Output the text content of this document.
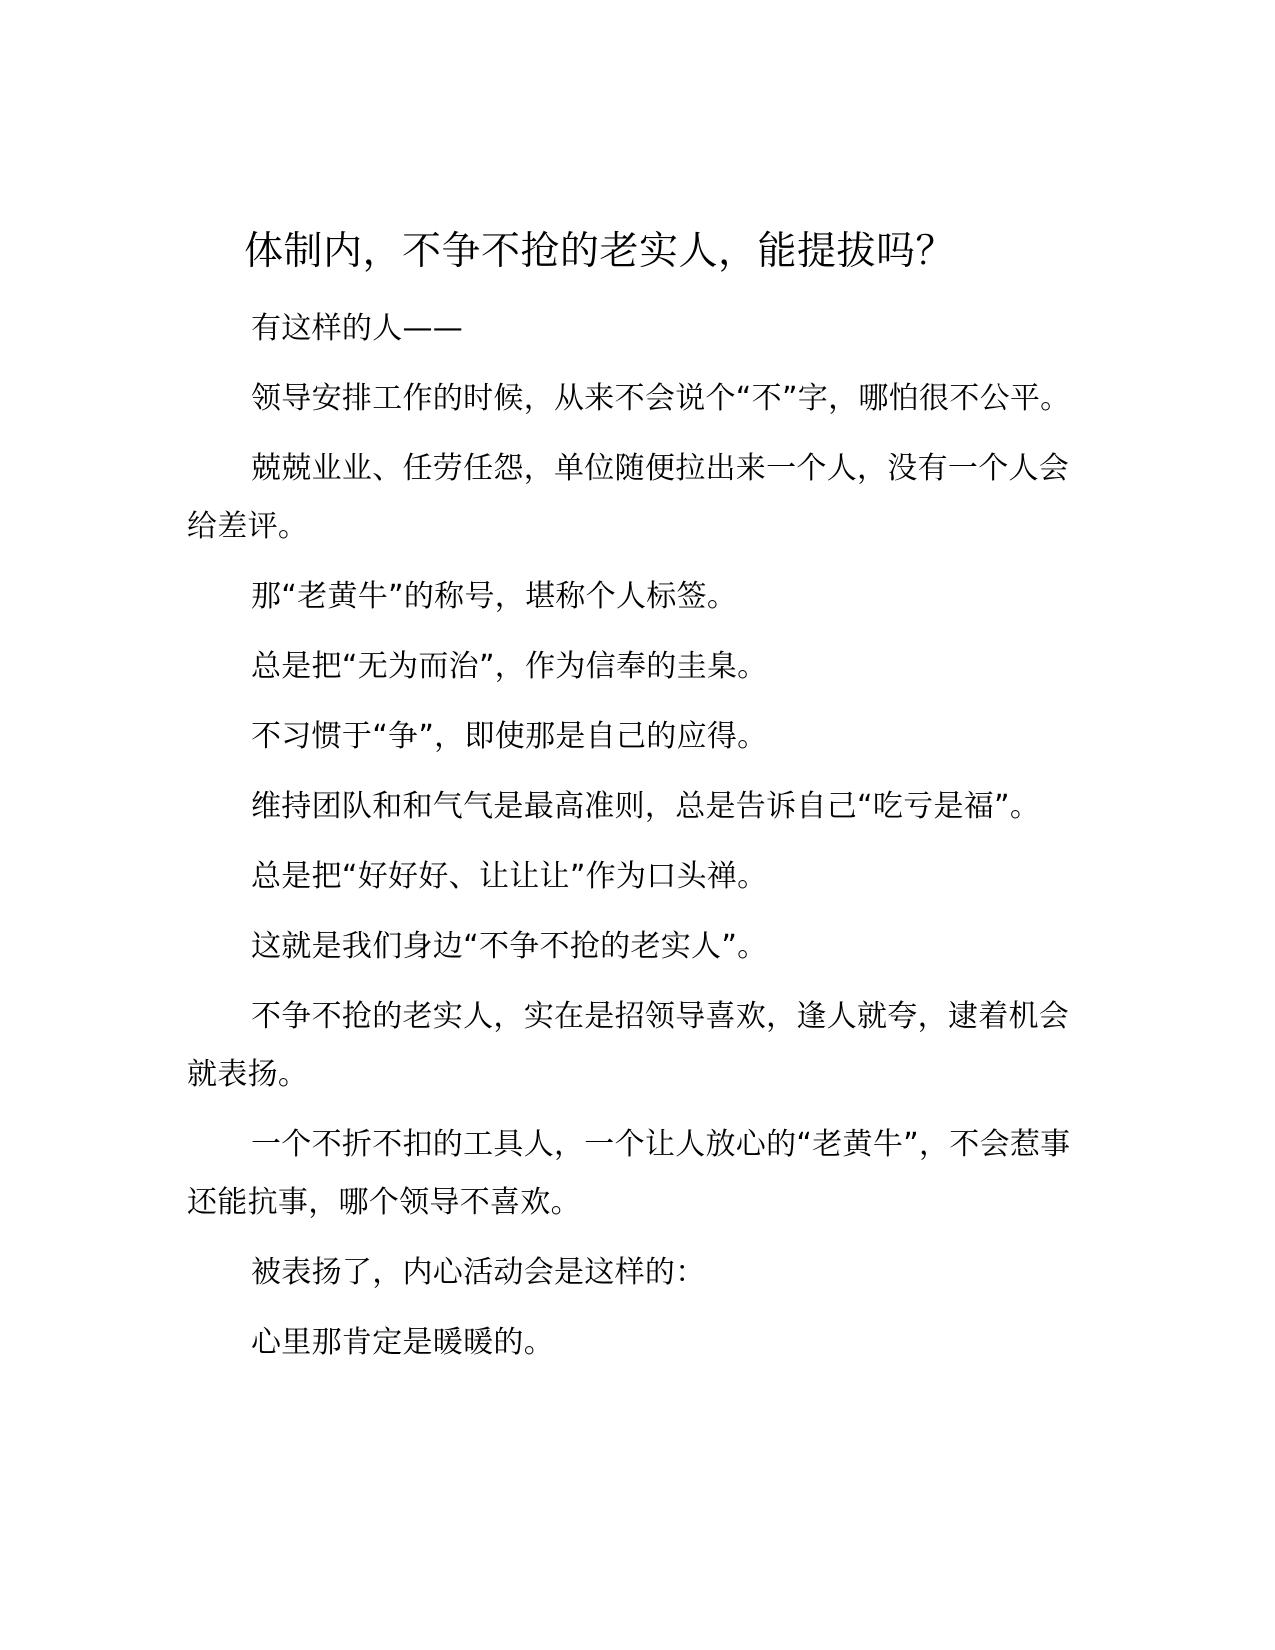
体制内，不争不抢的老实人，能提拔吗？

有这样的人——

领导安排工作的时候，从来不会说个“不”字，哪怕很不公平。

兢兢业业、任劳任怨，单位随便拉出来一个人，没有一个人会给差评。

那“老黄牛”的称号，堪称个人标签。

总是把“无为而治”，作为信奉的圭臬。

不习惯于“争”，即使那是自己的应得。

维持团队和和气气是最高准则，总是告诉自己“吃亏是福”。

总是把“好好好、让让让”作为口头禅。

这就是我们身边“不争不抢的老实人”。

不争不抢的老实人，实在是招领导喜欢，逢人就夸，逮着机会就表扬。

一个不折不扣的工具人，一个让人放心的“老黄牛”，不会惹事还能抗事，哪个领导不喜欢。

被表扬了，内心活动会是这样的：

心里那肯定是暖暖的。
